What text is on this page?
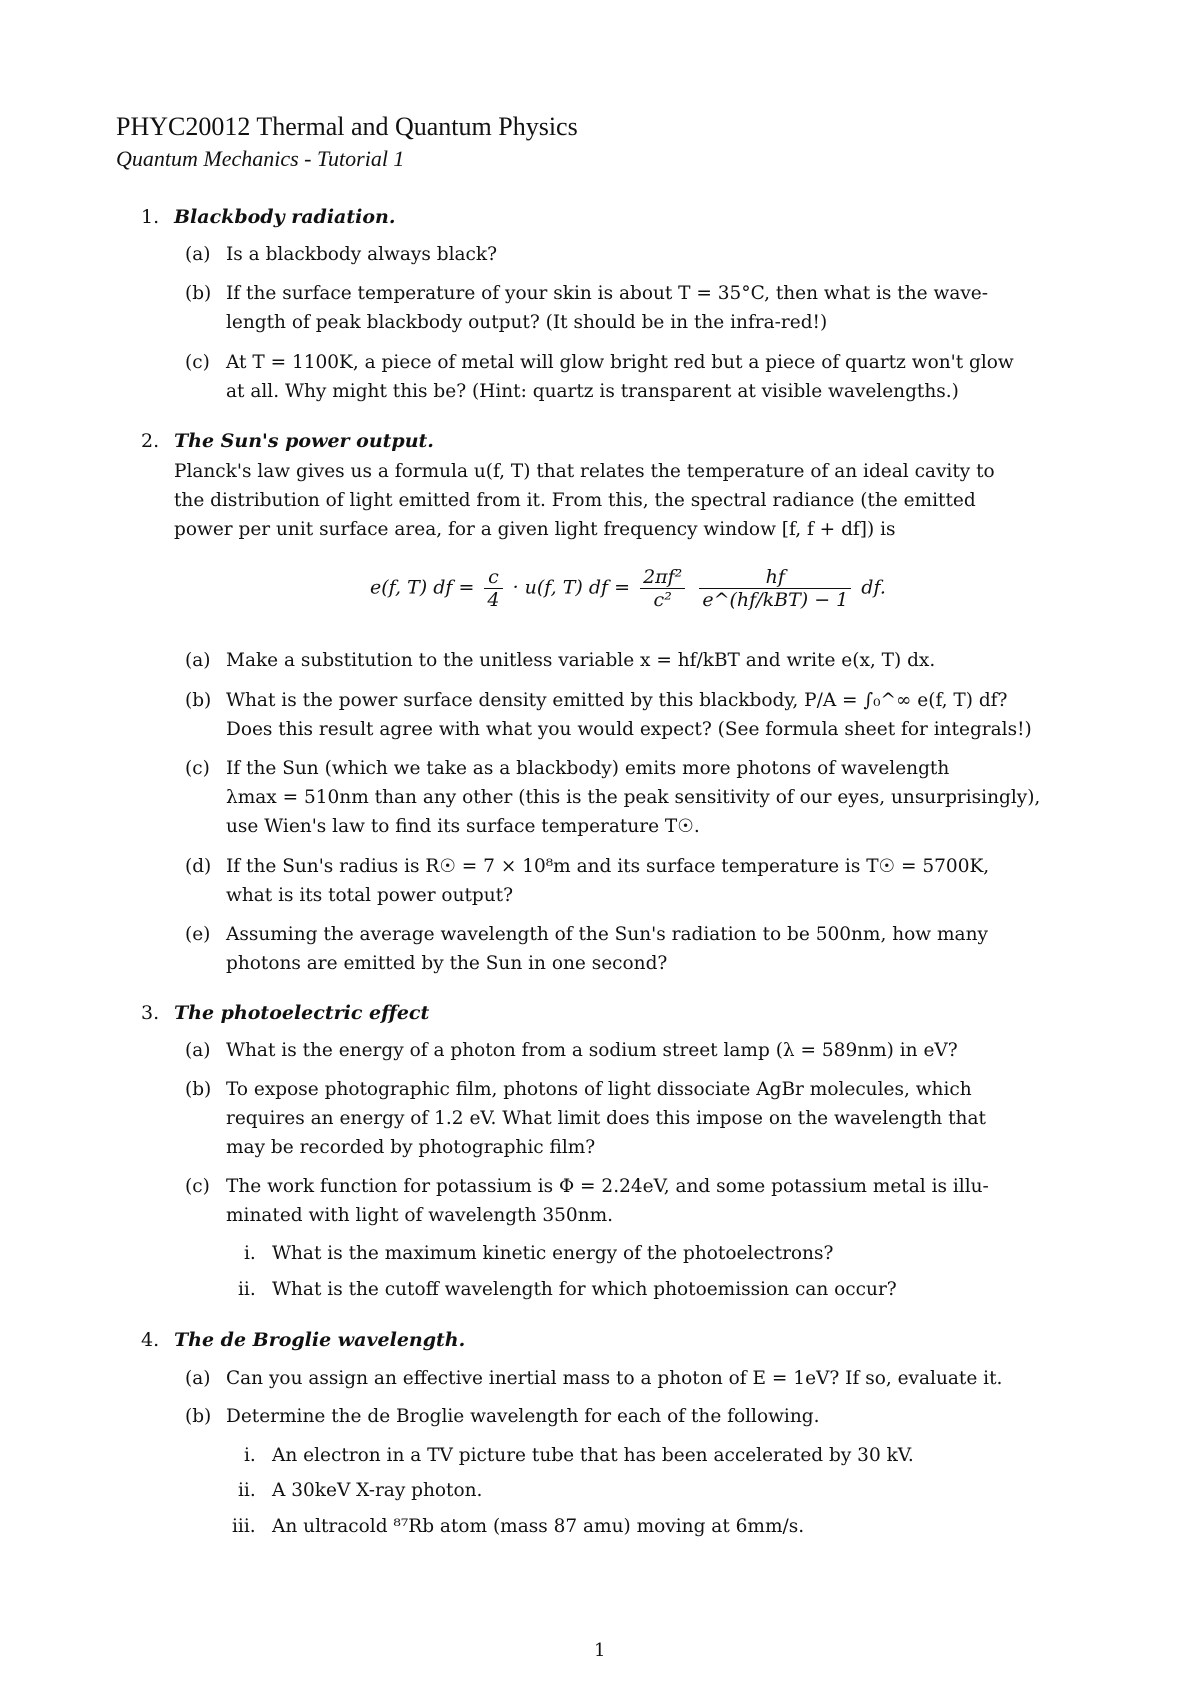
PHYC20012 Thermal and Quantum Physics
Quantum Mechanics - Tutorial 1
1. Blackbody radiation.
(a) Is a blackbody always black?
(b) If the surface temperature of your skin is about T = 35°C, then what is the wave-
length of peak blackbody output? (It should be in the infra-red!)
(c) At T = 1100K, a piece of metal will glow bright red but a piece of quartz won't glow
at all. Why might this be? (Hint: quartz is transparent at visible wavelengths.)
2. The Sun's power output.
Planck's law gives us a formula u(f, T) that relates the temperature of an ideal cavity to
the distribution of light emitted from it. From this, the spectral radiance (the emitted
power per unit surface area, for a given light frequency window [f, f + df]) is
e(f, T) df = $\frac{c}{4} \cdot u(f$, T) df = $\frac{\text{2πf²}}{\text{c²}}$
$\frac{hf}{\text{e\textasciicircum{}(hf/kBT) − 1}}$ df.
(a) Make a substitution to the unitless variable x = hf/kBT and write e(x, T) dx.
(b) What is the power surface density emitted by this blackbody, P/A = ∫₀^∞ e(f, T) df?
Does this result agree with what you would expect? (See formula sheet for integrals!)
(c) If the Sun (which we take as a blackbody) emits more photons of wavelength
λmax = 510nm than any other (this is the peak sensitivity of our eyes, unsurprisingly),
use Wien's law to find its surface temperature T☉.
(d) If the Sun's radius is R☉ = 7 × 10⁸m and its surface temperature is T☉ = 5700K,
what is its total power output?
(e) Assuming the average wavelength of the Sun's radiation to be 500nm, how many
photons are emitted by the Sun in one second?
3. The photoelectric effect
(a) What is the energy of a photon from a sodium street lamp (λ = 589nm) in eV?
(b) To expose photographic film, photons of light dissociate AgBr molecules, which
requires an energy of 1.2 eV. What limit does this impose on the wavelength that
may be recorded by photographic film?
(c) The work function for potassium is Φ = 2.24eV, and some potassium metal is illu-
minated with light of wavelength 350nm.
i. What is the maximum kinetic energy of the photoelectrons?
ii. What is the cutoff wavelength for which photoemission can occur?
4. The de Broglie wavelength.
(a) Can you assign an effective inertial mass to a photon of E = 1eV? If so, evaluate it.
(b) Determine the de Broglie wavelength for each of the following.
i. An electron in a TV picture tube that has been accelerated by 30 kV.
ii. A 30keV X-ray photon.
iii. An ultracold ⁸⁷Rb atom (mass 87 amu) moving at 6mm/s.
1
